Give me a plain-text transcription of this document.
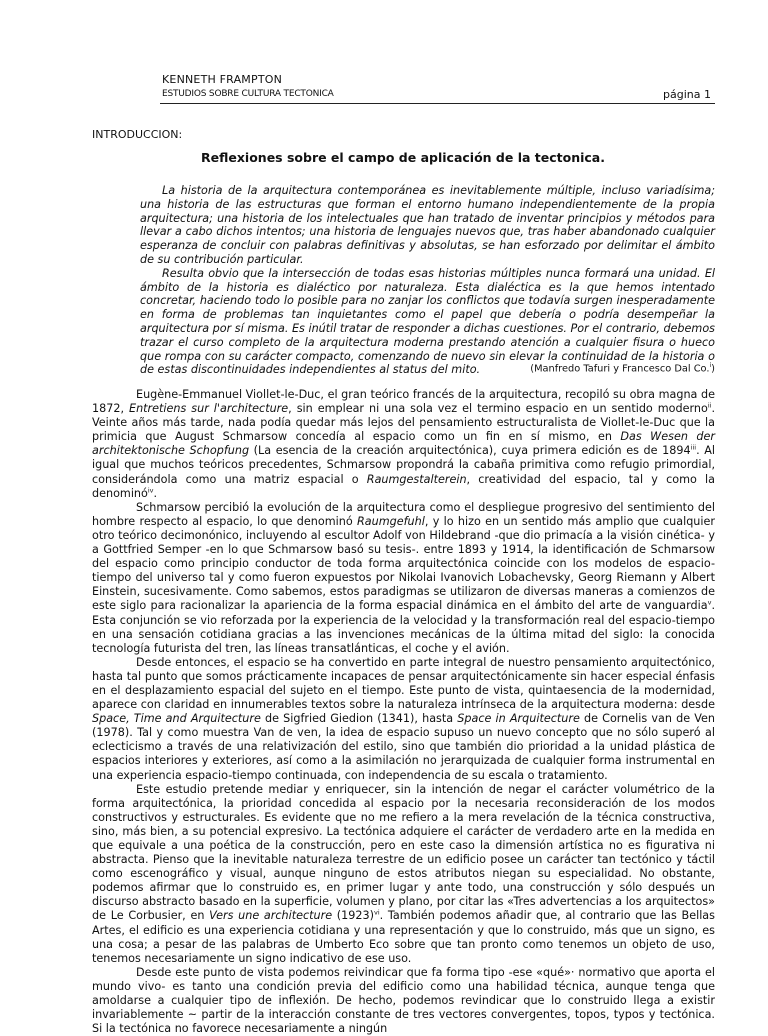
KENNETH FRAMPTON
ESTUDIOS SOBRE CULTURA TECTONICA	página 1
INTRODUCCION:
Reflexiones sobre el campo de aplicación de la tectonica.

La historia de la arquitectura contemporánea es inevitablemente múltiple, incluso variadísima; una historia de las estructuras que forman el entorno humano independientemente de la propia arquitectura; una historia de los intelectuales que han tratado de inventar principios y métodos para llevar a cabo dichos intentos; una historia de lenguajes nuevos que, tras haber abandonado cualquier esperanza de concluir con palabras definitivas y absolutas, se han esforzado por delimitar el ámbito de su contribución particular.

Resulta obvio que la intersección de todas esas historias múltiples nunca formará una unidad. El ámbito de la historia es dialéctico por naturaleza. Esta dialéctica es la que hemos intentado concretar, haciendo todo lo posible para no zanjar los conflictos que todavía surgen inesperadamente en forma de problemas tan inquietantes como el papel que debería o podría desempeñar la arquitectura por sí misma. Es inútil tratar de responder a dichas cuestiones. Por el contrario, debemos trazar el curso completo de la arquitectura moderna prestando atención a cualquier fisura o hueco que rompa con su carácter compacto, comenzando de nuevo sin elevar la continuidad de la historia o de estas discontinuidades independientes al status del mito.	(Manfredo Tafuri y Francesco Dal Co.$^i$)

Eugène-Emmanuel Viollet-le-Duc, el gran teórico francés de la arquitectura, recopiló su obra magna de 1872, Entretiens sur l'architecture, sin emplear ni una sola vez el termino espacio en un sentido moderno$^{ii}$. Veinte años más tarde, nada podía quedar más lejos del pensamiento estructuralista de Viollet-le-Duc que la primicia que August Schmarsow concedía al espacio como un fin en sí mismo, en Das Wesen der architektonische Schopfung (La esencia de la creación arquitectónica), cuya primera edición es de 1894$^{iii}$. Al igual que muchos teóricos precedentes, Schmarsow propondrá la cabaña primitiva como refugio primordial, considerándola como una matriz espacial o Raumgestalterein, creatividad del espacio, tal y como la denominó$^{iv}$.

Schmarsow percibió la evolución de la arquitectura como el despliegue progresivo del sentimiento del hombre respecto al espacio, lo que denominó Raumgefuhl, y lo hizo en un sentido más amplio que cualquier otro teórico decimonónico, incluyendo al escultor Adolf von Hildebrand -que dio primacía a la visión cinética- y a Gottfried Semper -en lo que Schmarsow basó su tesis-. entre 1893 y 1914, la identificación de Schmarsow del espacio como principio conductor de toda forma arquitectónica coincide con los modelos de espacio-tiempo del universo tal y como fueron expuestos por Nikolai Ivanovich Lobachevsky, Georg Riemann y Albert Einstein, sucesivamente. Como sabemos, estos paradigmas se utilizaron de diversas maneras a comienzos de este siglo para racionalizar la apariencia de la forma espacial dinámica en el ámbito del arte de vanguardia$^v$. Esta conjunción se vio reforzada por la experiencia de la velocidad y la transformación real del espacio-tiempo en una sensación cotidiana gracias a las invenciones mecánicas de la última mitad del siglo: la conocida tecnología futurista del tren, las líneas transatlánticas, el coche y el avión.

Desde entonces, el espacio se ha convertido en parte integral de nuestro pensamiento arquitectónico, hasta tal punto que somos prácticamente incapaces de pensar arquitectónicamente sin hacer especial énfasis en el desplazamiento espacial del sujeto en el tiempo. Este punto de vista, quintaesencia de la modernidad, aparece con claridad en innumerables textos sobre la naturaleza intrínseca de la arquitectura moderna: desde Space, Time and Arquitecture de Sigfried Giedion (1341), hasta Space in Arquitecture de Cornelis van de Ven (1978). Tal y como muestra Van de ven, la idea de espacio supuso un nuevo concepto que no sólo superó al eclecticismo a través de una relativización del estilo, sino que también dio prioridad a la unidad plástica de espacios interiores y exteriores, así como a la asimilación no jerarquizada de cualquier forma instrumental en una experiencia espacio-tiempo continuada, con independencia de su escala o tratamiento.

Este estudio pretende mediar y enriquecer, sin la intención de negar el carácter volumétrico de la forma arquitectónica, la prioridad concedida al espacio por la necesaria reconsideración de los modos constructivos y estructurales. Es evidente que no me refiero a la mera revelación de la técnica constructiva, sino, más bien, a su potencial expresivo. La tectónica adquiere el carácter de verdadero arte en la medida en que equivale a una poética de la construcción, pero en este caso la dimensión artística no es figurativa ni abstracta. Pienso que la inevitable naturaleza terrestre de un edificio posee un carácter tan tectónico y táctil como escenográfico y visual, aunque ninguno de estos atributos niegan su especialidad. No obstante, podemos afirmar que lo construido es, en primer lugar y ante todo, una construcción y sólo después un discurso abstracto basado en la superficie, volumen y plano, por citar las «Tres advertencias a los arquitectos» de Le Corbusier, en Vers une architecture $(1923)^{vi}$. También podemos añadir que, al contrario que las Bellas Artes, el edificio es una experiencia cotidiana y una representación y que lo construido, más que un signo, es una cosa; a pesar de las palabras de Umberto Eco sobre que tan pronto como tenemos un objeto de uso, tenemos necesariamente un signo indicativo de ese uso.

Desde este punto de vista podemos reivindicar que fa forma tipo -ese «qué»· normativo que aporta el mundo vivo- es tanto una condición previa del edificio como una habilidad técnica, aunque tenga que amoldarse a cualquier tipo de inflexión. De hecho, podemos revindicar que lo construido llega a existir invariablemente ~ partir de la interacción constante de tres vectores convergentes, topos, typos y tectónica. Si la tectónica no favorece necesariamente a ningún
